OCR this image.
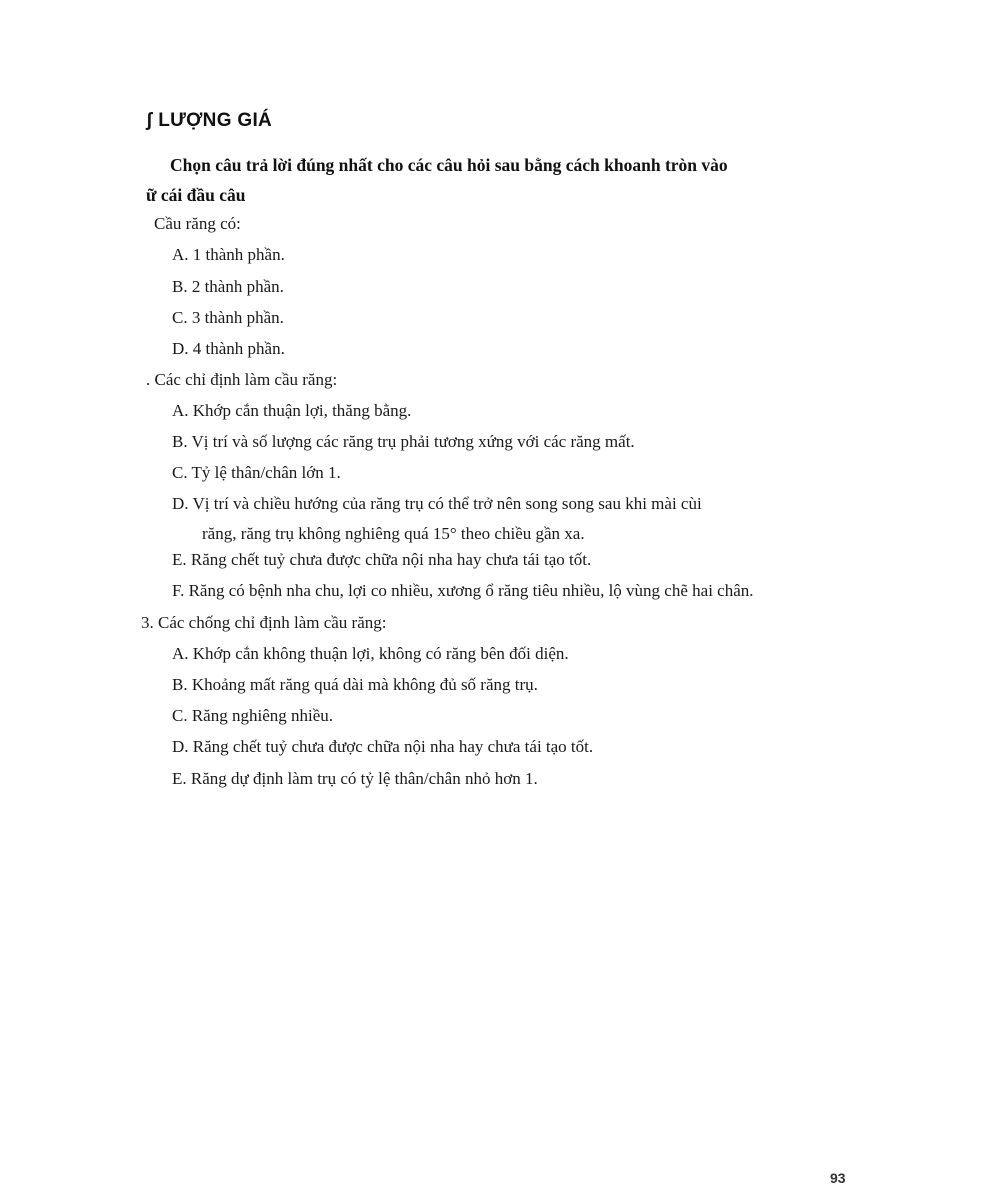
ʃ LƯỢNG GIÁ
Chọn câu trả lời đúng nhất cho các câu hỏi sau bằng cách khoanh tròn vào
ữ cái đầu câu
Cầu răng có:
A. 1 thành phần.
B. 2 thành phần.
C. 3 thành phần.
D. 4 thành phần.
. Các chỉ định làm cầu răng:
A. Khớp cắn thuận lợi, thăng bằng.
B. Vị trí và số lượng các răng trụ phải tương xứng với các răng mất.
C. Tỷ lệ thân/chân lớn 1.
D. Vị trí và chiều hướng của răng trụ có thể trở nên song song sau khi mài cùi
răng, răng trụ không nghiêng quá 15° theo chiều gần xa.
E. Răng chết tuỷ chưa được chữa nội nha hay chưa tái tạo tốt.
F. Răng có bệnh nha chu, lợi co nhiều, xương ổ răng tiêu nhiều, lộ vùng chẽ hai chân.
3. Các chống chỉ định làm cầu răng:
A. Khớp cắn không thuận lợi, không có răng bên đối diện.
B. Khoảng mất răng quá dài mà không đủ số răng trụ.
C. Răng nghiêng nhiều.
D. Răng chết tuỷ chưa được chữa nội nha hay chưa tái tạo tốt.
E. Răng dự định làm trụ có tỷ lệ thân/chân nhỏ hơn 1.
93
